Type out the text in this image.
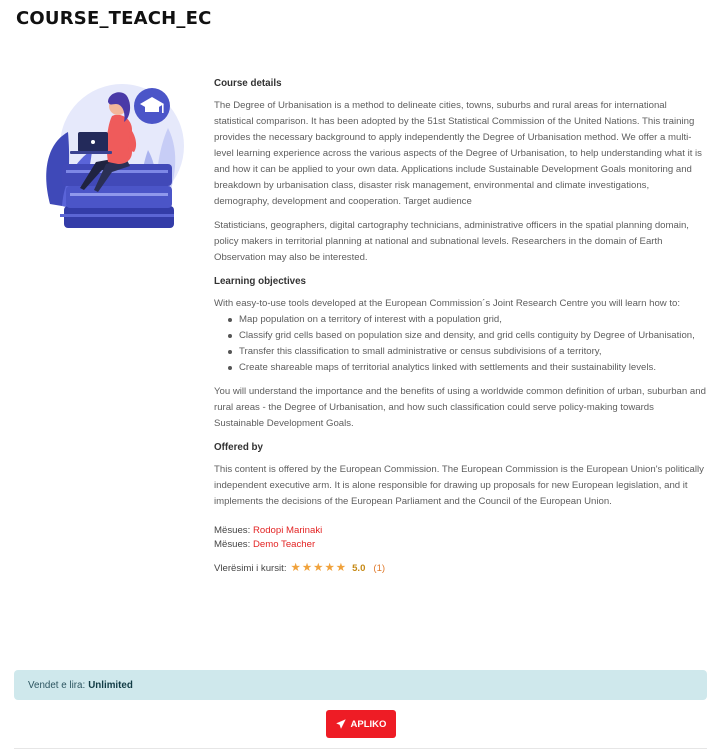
COURSE_TEACH_EC
Course details

The Degree of Urbanisation is a method to delineate cities, towns, suburbs and rural areas for international statistical comparison. It has been adopted by the 51st Statistical Commission of the United Nations. This training provides the necessary background to apply independently the Degree of Urbanisation method. We offer a multi-level learning experience across the various aspects of the Degree of Urbanisation, to help understanding what it is and how it can be applied to your own data. Applications include Sustainable Development Goals monitoring and breakdown by urbanisation class, disaster risk management, environmental and climate investigations, demography, development and cooperation. Target audience

Statisticians, geographers, digital cartography technicians, administrative officers in the spatial planning domain, policy makers in territorial planning at national and subnational levels. Researchers in the domain of Earth Observation may also be interested.

Learning objectives

With easy-to-use tools developed at the European Commission´s Joint Research Centre you will learn how to:

Map population on a territory of interest with a population grid,
Classify grid cells based on population size and density, and grid cells contiguity by Degree of Urbanisation,
Transfer this classification to small administrative or census subdivisions of a territory,
Create shareable maps of territorial analytics linked with settlements and their sustainability levels.

You will understand the importance and the benefits of using a worldwide common definition of urban, suburban and rural areas - the Degree of Urbanisation, and how such classification could serve policy-making towards Sustainable Development Goals.

Offered by

This content is offered by the European Commission. The European Commission is the European Union's politically independent executive arm. It is alone responsible for drawing up proposals for new European legislation, and it implements the decisions of the European Parliament and the Council of the European Union.

Mësues: Rodopi Marinaki
Mësues: Demo Teacher
Vlerësimi i kursit: ★ ★ ★ ★ ★ 5.0 (1)
Vendet e lira: Unlimited
APLIKO
